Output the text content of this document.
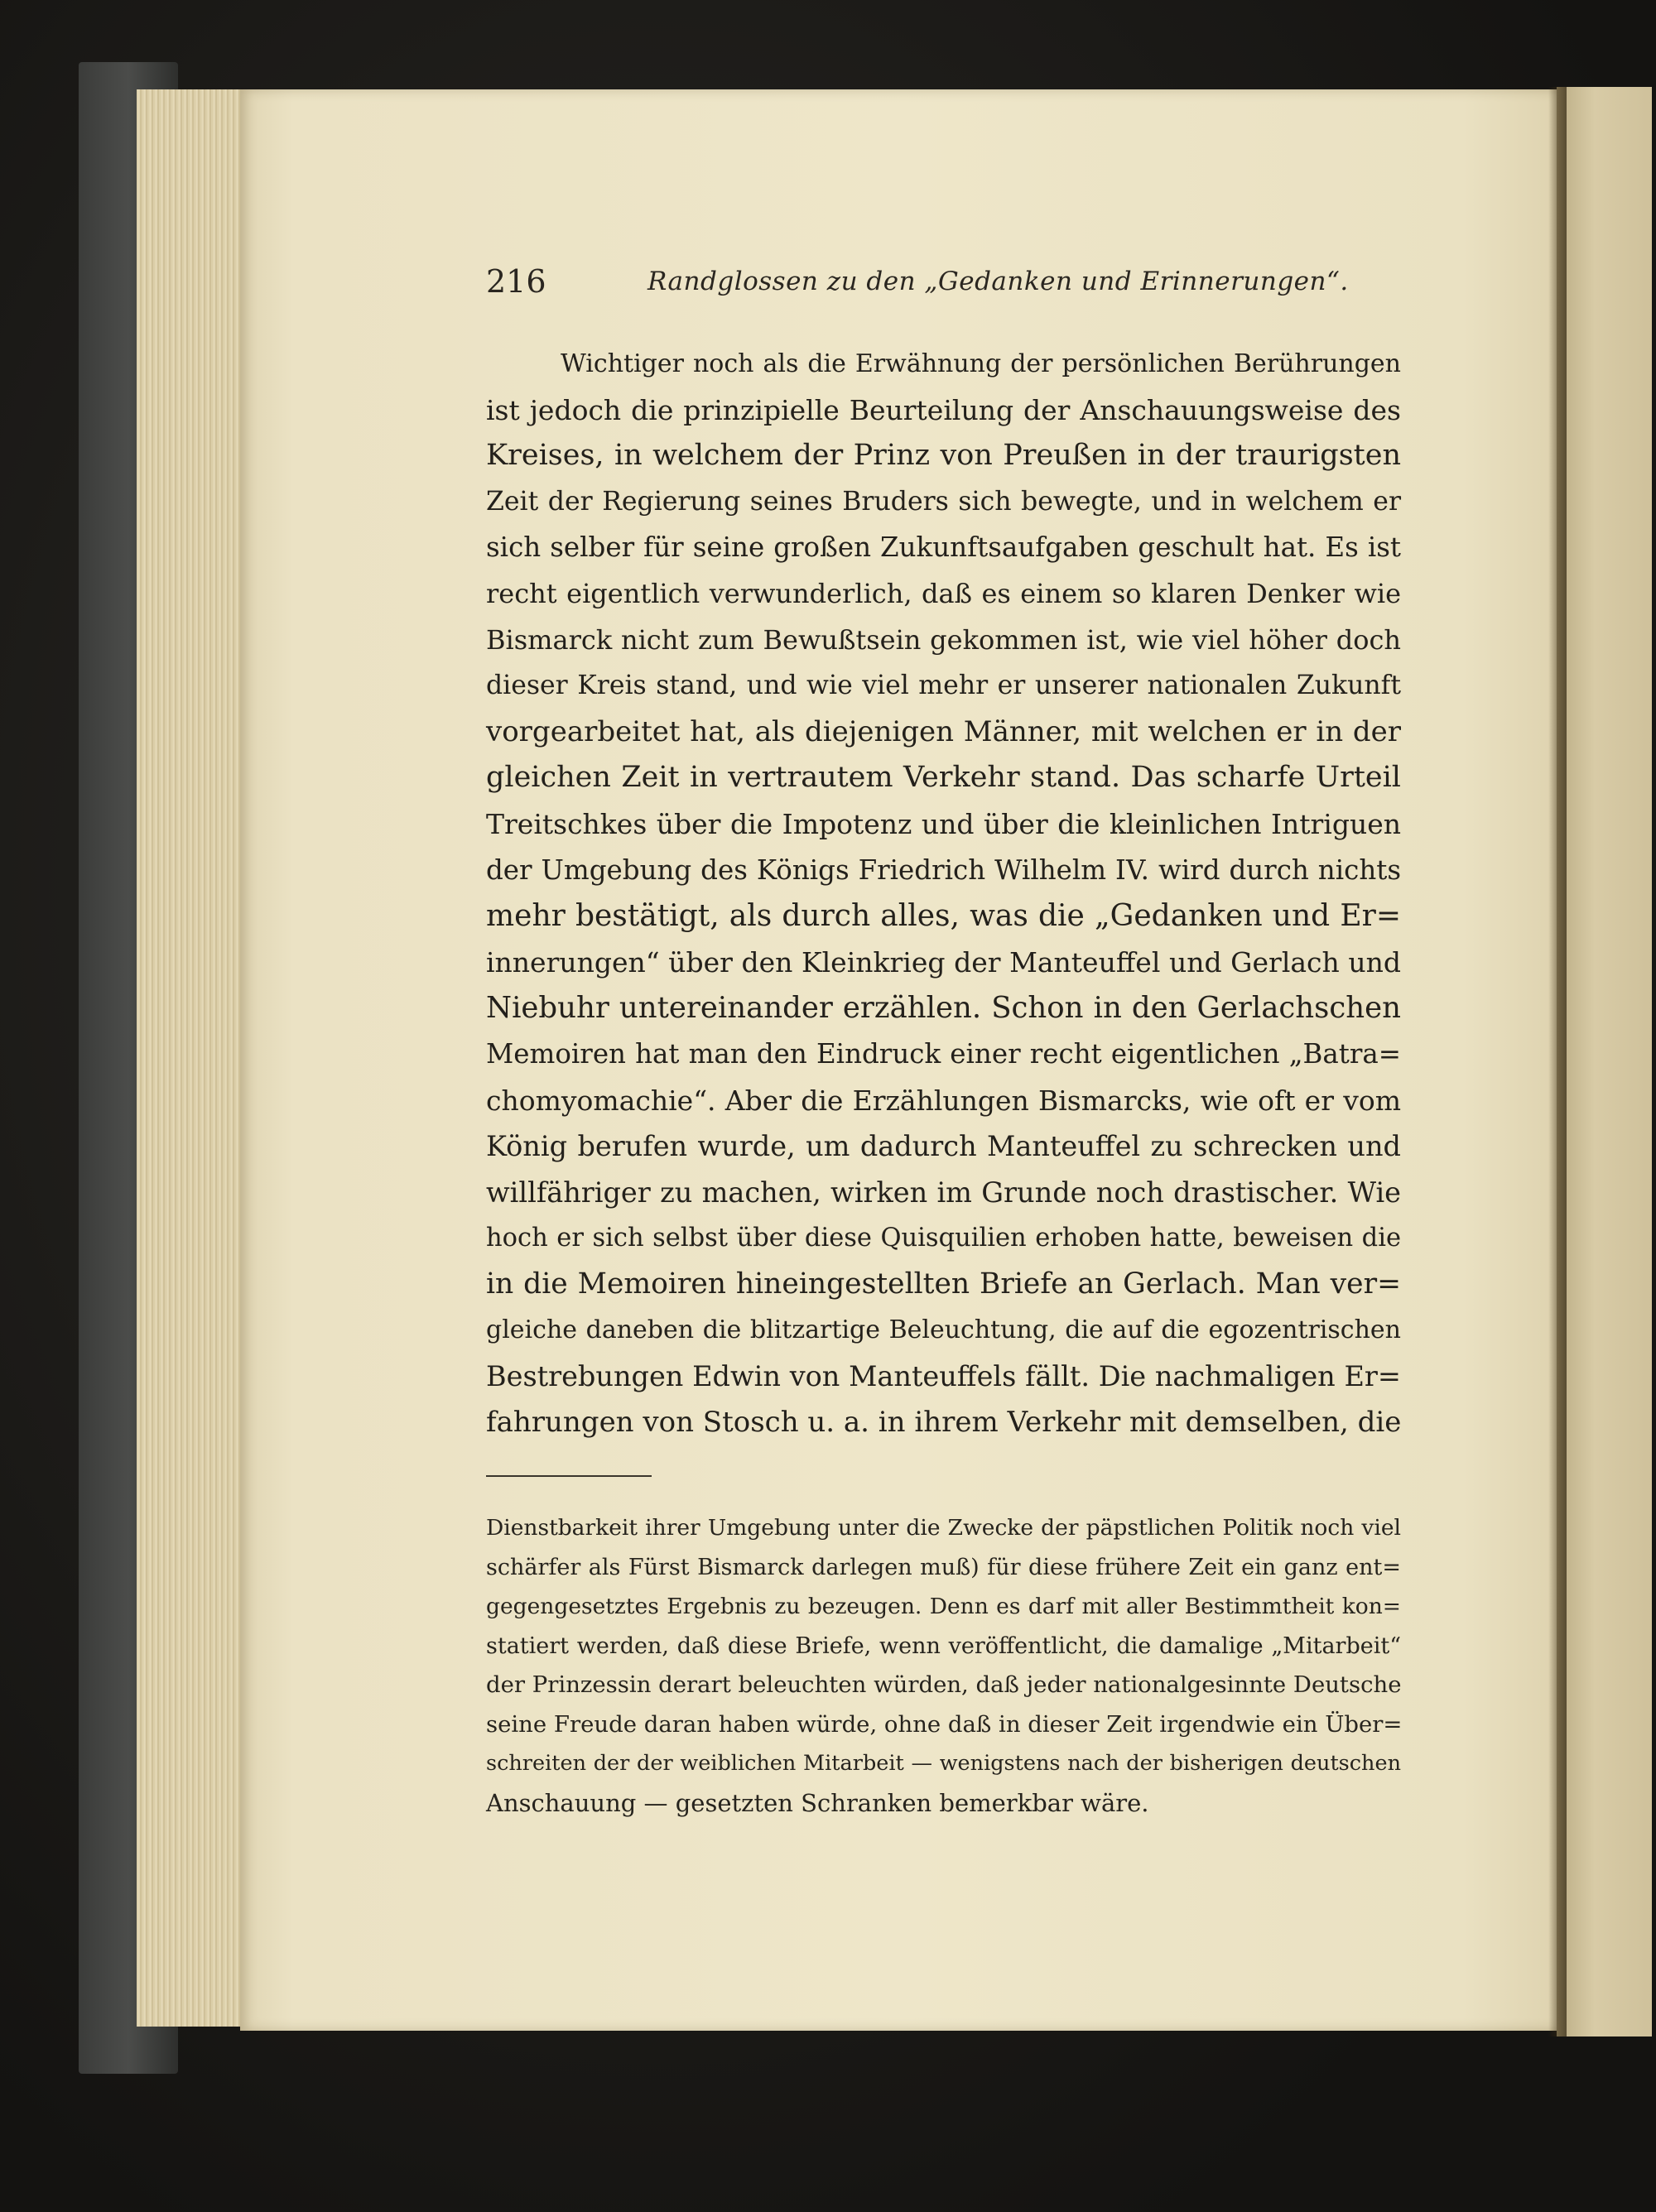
216	Randglossen zu den „Gedanken und Erinnerungen“.
Wichtiger noch als die Erwähnung der persönlichen Berührungen
ist jedoch die prinzipielle Beurteilung der Anschauungsweise des
Kreises, in welchem der Prinz von Preußen in der traurigsten
Zeit der Regierung seines Bruders sich bewegte, und in welchem er
sich selber für seine großen Zukunftsaufgaben geschult hat. Es ist
recht eigentlich verwunderlich, daß es einem so klaren Denker wie
Bismarck nicht zum Bewußtsein gekommen ist, wie viel höher doch
dieser Kreis stand, und wie viel mehr er unserer nationalen Zukunft
vorgearbeitet hat, als diejenigen Männer, mit welchen er in der
gleichen Zeit in vertrautem Verkehr stand. Das scharfe Urteil
Treitschkes über die Impotenz und über die kleinlichen Intriguen
der Umgebung des Königs Friedrich Wilhelm IV. wird durch nichts
mehr bestätigt, als durch alles, was die „Gedanken und Er=
innerungen“ über den Kleinkrieg der Manteuffel und Gerlach und
Niebuhr untereinander erzählen. Schon in den Gerlachschen
Memoiren hat man den Eindruck einer recht eigentlichen „Batra=
chomyomachie“. Aber die Erzählungen Bismarcks, wie oft er vom
König berufen wurde, um dadurch Manteuffel zu schrecken und
willfähriger zu machen, wirken im Grunde noch drastischer. Wie
hoch er sich selbst über diese Quisquilien erhoben hatte, beweisen die
in die Memoiren hineingestellten Briefe an Gerlach. Man ver=
gleiche daneben die blitzartige Beleuchtung, die auf die egozentrischen
Bestrebungen Edwin von Manteuffels fällt. Die nachmaligen Er=
fahrungen von Stosch u. a. in ihrem Verkehr mit demselben, die
Dienstbarkeit ihrer Umgebung unter die Zwecke der päpstlichen Politik noch viel
schärfer als Fürst Bismarck darlegen muß) für diese frühere Zeit ein ganz ent=
gegengesetztes Ergebnis zu bezeugen. Denn es darf mit aller Bestimmtheit kon=
statiert werden, daß diese Briefe, wenn veröffentlicht, die damalige „Mitarbeit“
der Prinzessin derart beleuchten würden, daß jeder nationalgesinnte Deutsche
seine Freude daran haben würde, ohne daß in dieser Zeit irgendwie ein Über=
schreiten der der weiblichen Mitarbeit — wenigstens nach der bisherigen deutschen
Anschauung — gesetzten Schranken bemerkbar wäre.
